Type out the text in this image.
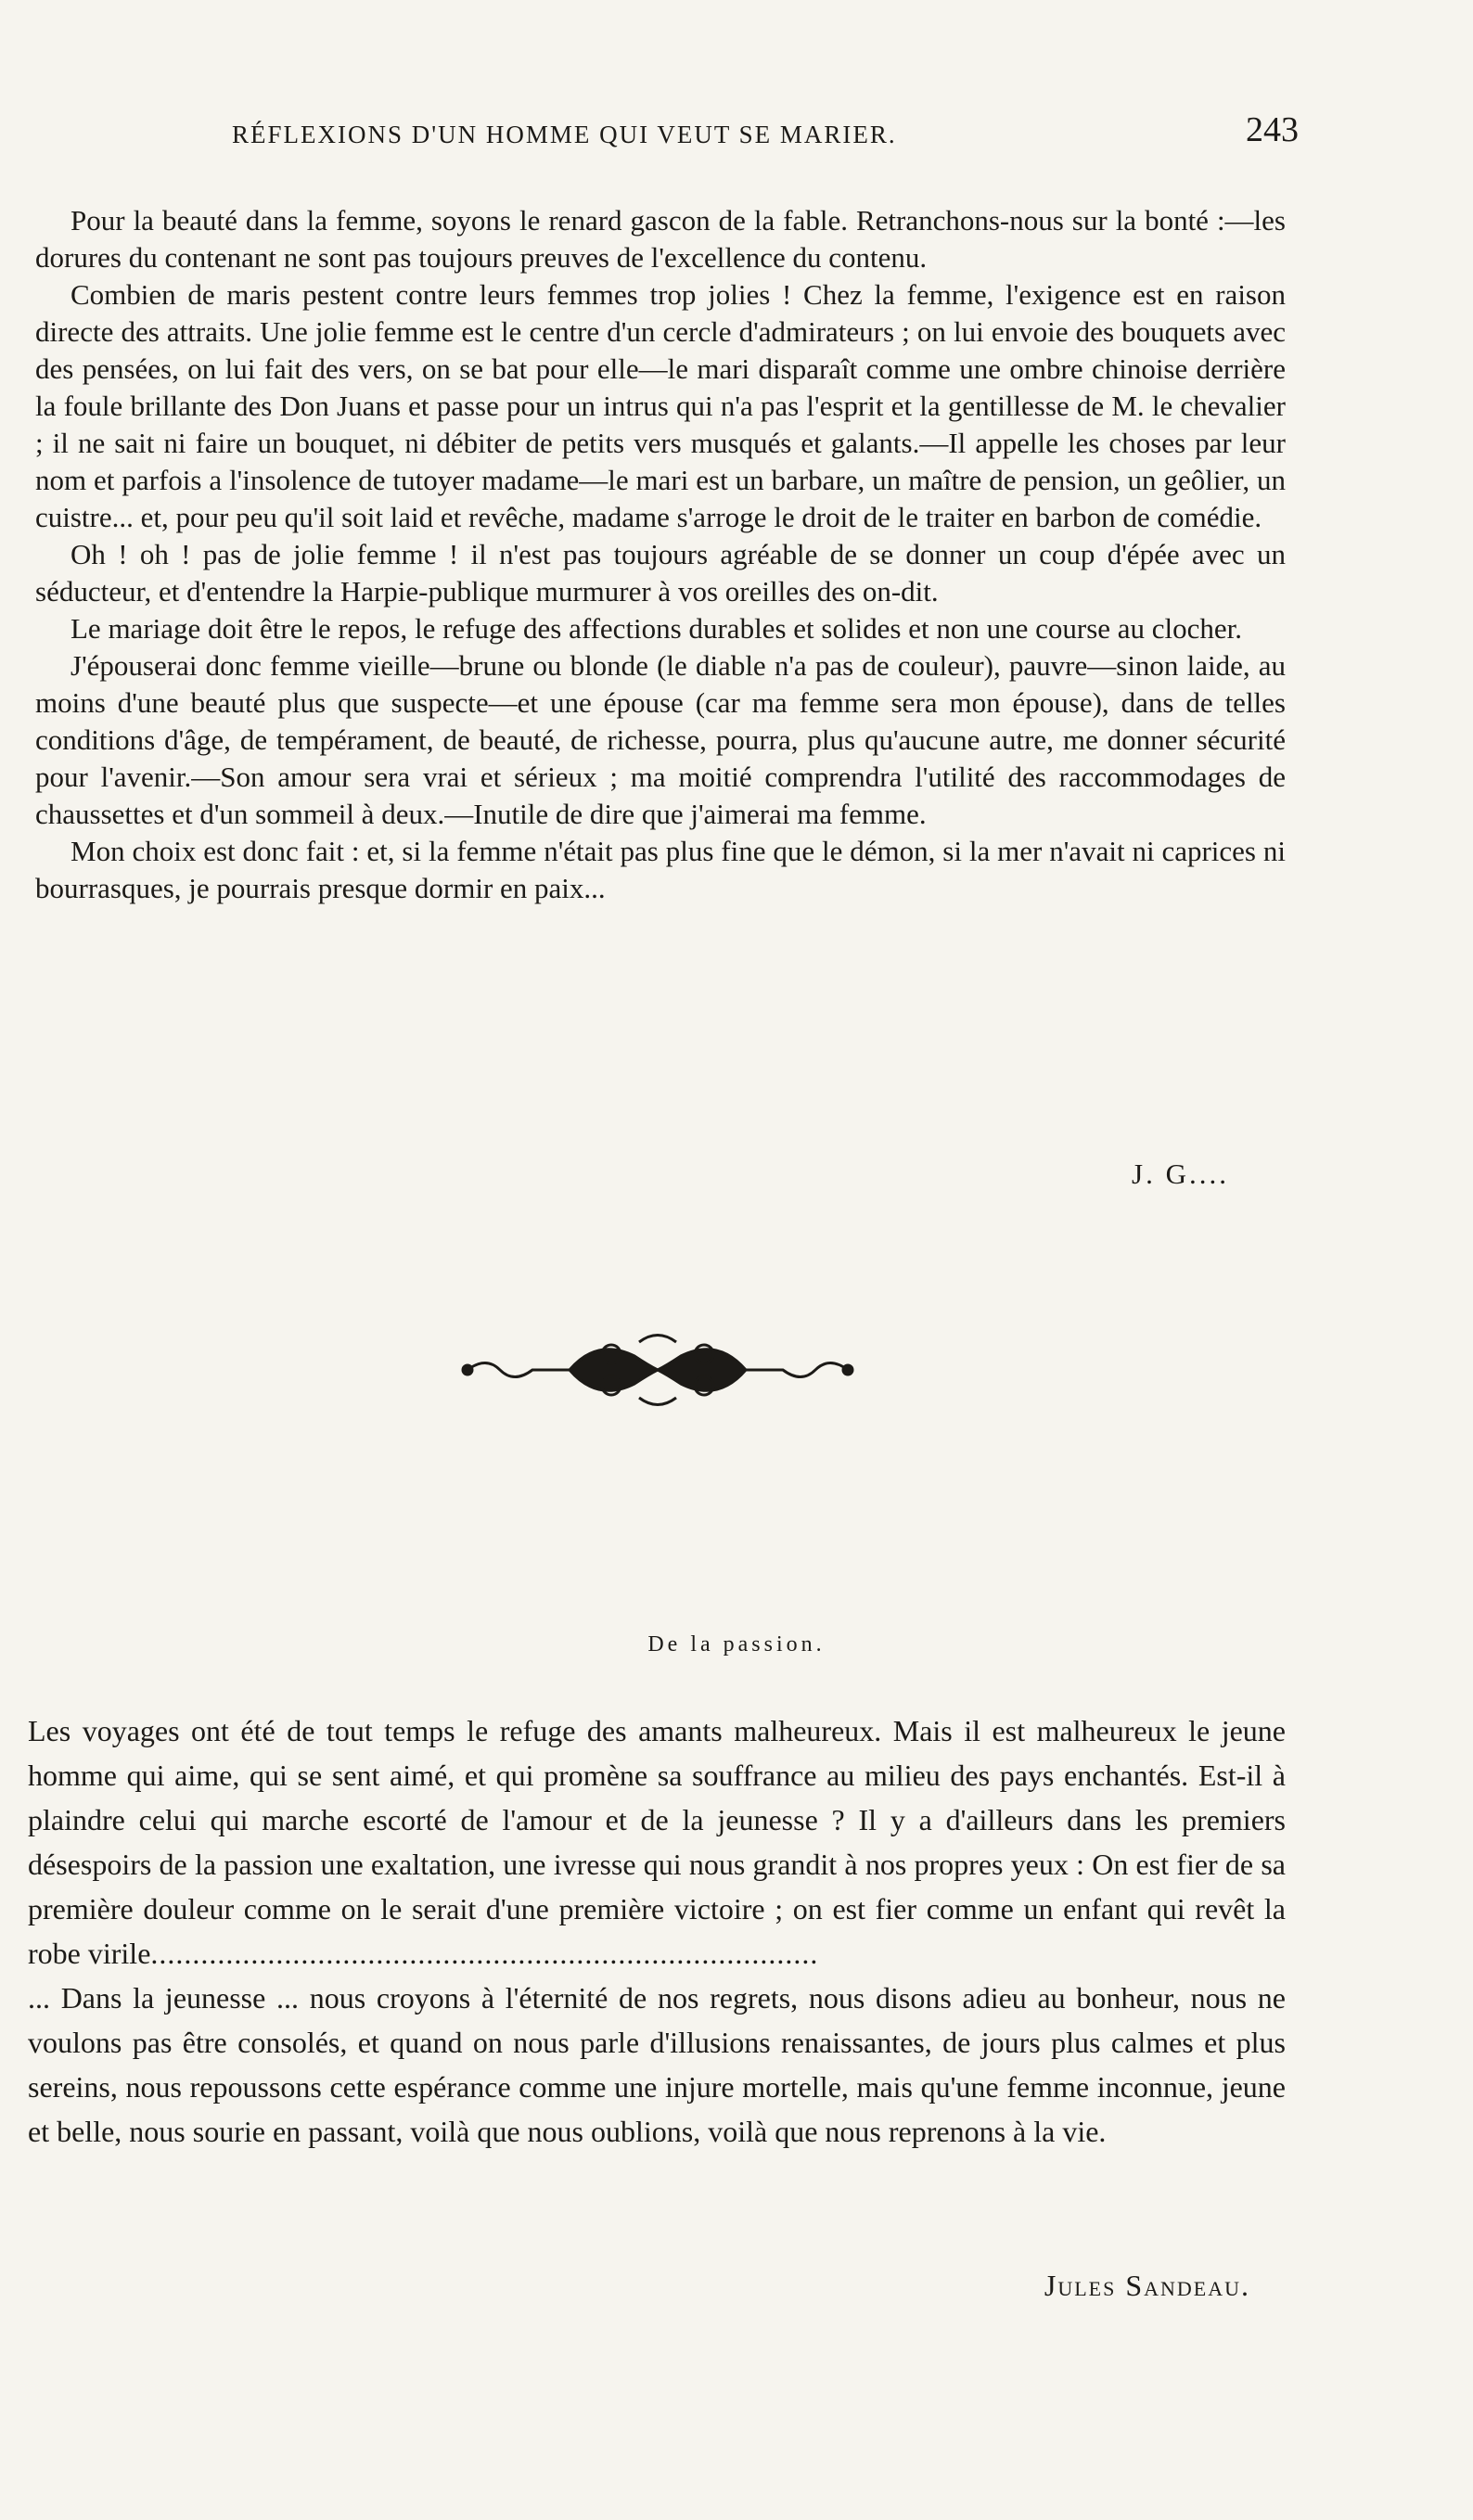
RÉFLEXIONS D'UN HOMME QUI VEUT SE MARIER.	243

Pour la beauté dans la femme, soyons le renard gascon de la fable. Retranchons-nous sur la bonté :—les dorures du contenant ne sont pas toujours preuves de l'excellence du contenu.

Combien de maris pestent contre leurs femmes trop jolies ! Chez la femme, l'exigence est en raison directe des attraits. Une jolie femme est le centre d'un cercle d'admirateurs ; on lui envoie des bouquets avec des pensées, on lui fait des vers, on se bat pour elle—le mari disparaît comme une ombre chinoise derrière la foule brillante des Don Juans et passe pour un intrus qui n'a pas l'esprit et la gentillesse de M. le chevalier ; il ne sait ni faire un bouquet, ni débiter de petits vers musqués et galants.—Il appelle les choses par leur nom et parfois a l'insolence de tutoyer madame—le mari est un barbare, un maître de pension, un geôlier, un cuistre... et, pour peu qu'il soit laid et revêche, madame s'arroge le droit de le traiter en barbon de comédie.

Oh ! oh ! pas de jolie femme ! il n'est pas toujours agréable de se donner un coup d'épée avec un séducteur, et d'entendre la Harpie-publique murmurer à vos oreilles des on-dit.

Le mariage doit être le repos, le refuge des affections durables et solides et non une course au clocher.

J'épouserai donc femme vieille—brune ou blonde (le diable n'a pas de couleur), pauvre—sinon laide, au moins d'une beauté plus que suspecte—et une épouse (car ma femme sera mon épouse), dans de telles conditions d'âge, de tempérament, de beauté, de richesse, pourra, plus qu'aucune autre, me donner sécurité pour l'avenir.—Son amour sera vrai et sérieux ; ma moitié comprendra l'utilité des raccommodages de chaussettes et d'un sommeil à deux.—Inutile de dire que j'aimerai ma femme.

Mon choix est donc fait : et, si la femme n'était pas plus fine que le démon, si la mer n'avait ni caprices ni bourrasques, je pourrais presque dormir en paix...

J. G....
De la passion.

Les voyages ont été de tout temps le refuge des amants malheureux. Mais il est malheureux le jeune homme qui aime, qui se sent aimé, et qui promène sa souffrance au milieu des pays enchantés. Est-il à plaindre celui qui marche escorté de l'amour et de la jeunesse ? Il y a d'ailleurs dans les premiers désespoirs de la passion une exaltation, une ivresse qui nous grandit à nos propres yeux : On est fier de sa première douleur comme on le serait d'une première victoire ; on est fier comme un enfant qui revêt la robe virile................................................................................

... Dans la jeunesse ... nous croyons à l'éternité de nos regrets, nous disons adieu au bonheur, nous ne voulons pas être consolés, et quand on nous parle d'illusions renaissantes, de jours plus calmes et plus sereins, nous repoussons cette espérance comme une injure mortelle, mais qu'une femme inconnue, jeune et belle, nous sourie en passant, voilà que nous oublions, voilà que nous reprenons à la vie.

Jules Sandeau.
